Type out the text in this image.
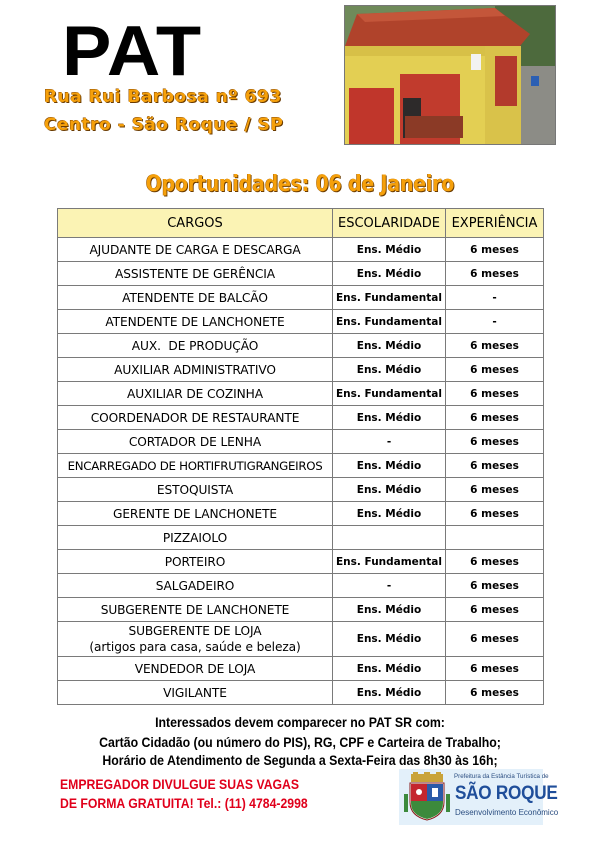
PAT
Rua Rui Barbosa nº 693
Centro - São Roque / SP
Oportunidades: 06 de Janeiro
CARGOS	ESCOLARIDADE	EXPERIÊNCIA
AJUDANTE DE CARGA E DESCARGA	Ens. Médio	6 meses
ASSISTENTE DE GERÊNCIA	Ens. Médio	6 meses
ATENDENTE DE BALCÃO	Ens. Fundamental	-
ATENDENTE DE LANCHONETE	Ens. Fundamental	-
AUX.  DE PRODUÇÃO	Ens. Médio	6 meses
AUXILIAR ADMINISTRATIVO	Ens. Médio	6 meses
AUXILIAR DE COZINHA	Ens. Fundamental	6 meses
COORDENADOR DE RESTAURANTE	Ens. Médio	6 meses
CORTADOR DE LENHA	-	6 meses
ENCARREGADO DE HORTIFRUTIGRANGEIROS	Ens. Médio	6 meses
ESTOQUISTA	Ens. Médio	6 meses
GERENTE DE LANCHONETE	Ens. Médio	6 meses
PIZZAIOLO		
PORTEIRO	Ens. Fundamental	6 meses
SALGADEIRO	-	6 meses
SUBGERENTE DE LANCHONETE	Ens. Médio	6 meses

SUBGERENTE DE LOJA
(artigos para casa, saúde e beleza)	Ens. Médio	6 meses
VENDEDOR DE LOJA	Ens. Médio	6 meses
VIGILANTE	Ens. Médio	6 meses
Interessados devem comparecer no PAT SR com:
Cartão Cidadão (ou número do PIS), RG, CPF e Carteira de Trabalho;
Horário de Atendimento de Segunda a Sexta-Feira das 8h30 às 16h;
EMPREGADOR DIVULGUE SUAS VAGAS
DE FORMA GRATUITA! Tel.: (11) 4784-2998
Prefeitura da Estância Turística de
SÃO ROQUE
Desenvolvimento Econômico
